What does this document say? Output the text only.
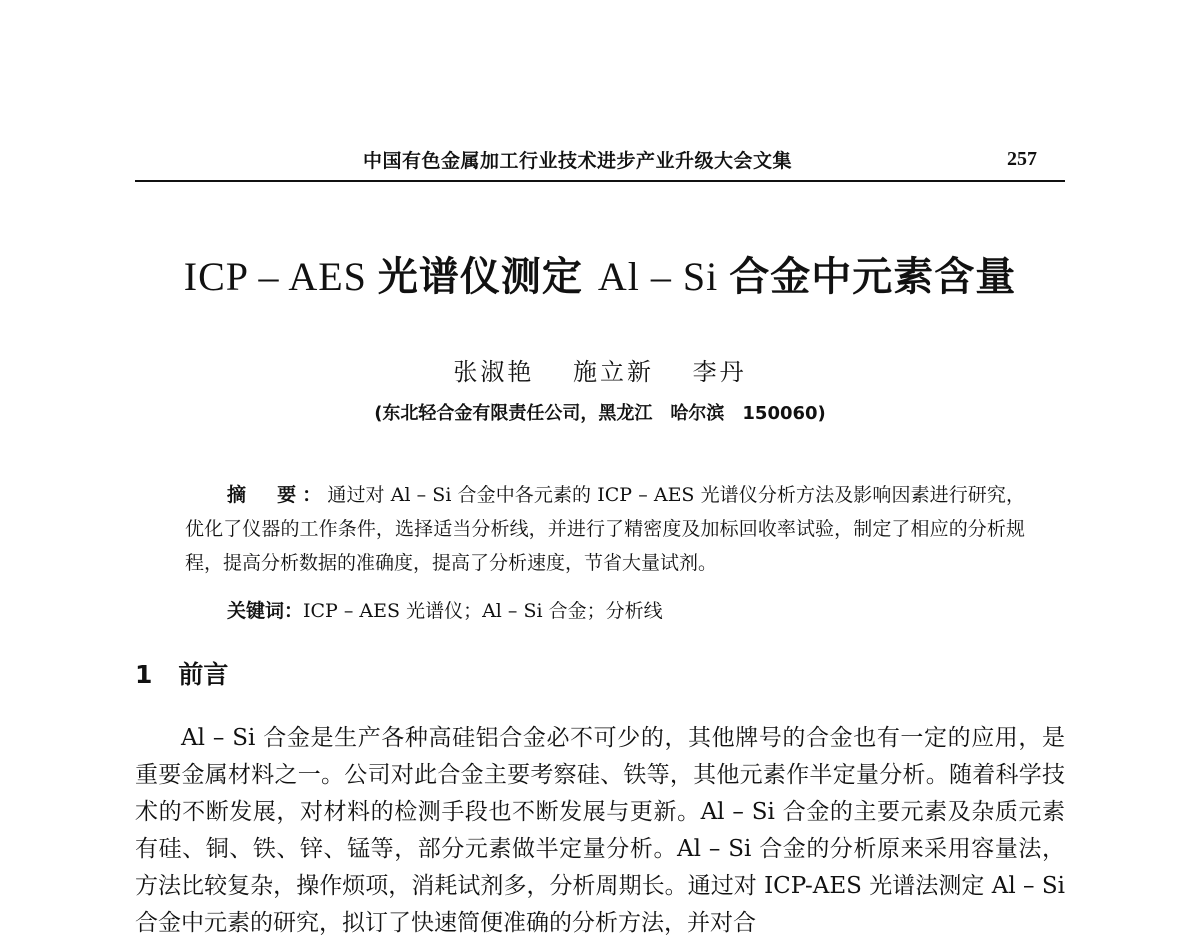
中国有色金属加工行业技术进步产业升级大会文集	257
ICP – AES 光谱仪测定 Al – Si 合金中元素含量
张淑艳 施立新 李丹
(东北轻合金有限责任公司，黑龙江　哈尔滨　150060)
摘　要：通过对 Al – Si 合金中各元素的 ICP – AES 光谱仪分析方法及影响因素进行研究，优化了仪器的工作条件，选择适当分析线，并进行了精密度及加标回收率试验，制定了相应的分析规程，提高分析数据的准确度，提高了分析速度，节省大量试剂。
关键词：ICP – AES 光谱仪；Al – Si 合金；分析线
1 前言
Al – Si 合金是生产各种高硅铝合金必不可少的，其他牌号的合金也有一定的应用，是重要金属材料之一。公司对此合金主要考察硅、铁等，其他元素作半定量分析。随着科学技术的不断发展，对材料的检测手段也不断发展与更新。Al – Si 合金的主要元素及杂质元素有硅、铜、铁、锌、锰等，部分元素做半定量分析。Al – Si 合金的分析原来采用容量法，方法比较复杂，操作烦项，消耗试剂多，分析周期长。通过对 ICP-AES 光谱法测定 Al – Si 合金中元素的研究，拟订了快速简便准确的分析方法，并对合
